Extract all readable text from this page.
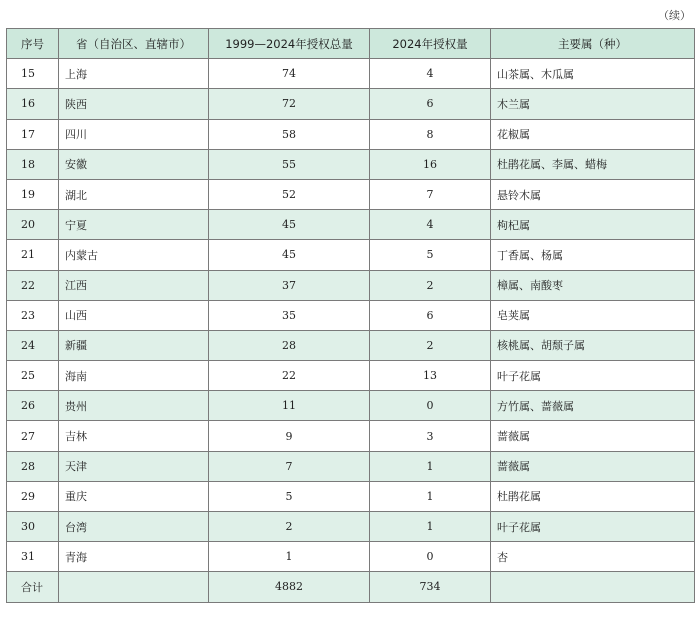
（续）
序号	省（自治区、直辖市）	1999—2024年授权总量	2024年授权量	主要属（种）
15	上海	74	4	山茶属、木瓜属
16	陕西	72	6	木兰属
17	四川	58	8	花椒属
18	安徽	55	16	杜鹃花属、李属、蜡梅
19	湖北	52	7	悬铃木属
20	宁夏	45	4	枸杞属
21	内蒙古	45	5	丁香属、杨属
22	江西	37	2	樟属、南酸枣
23	山西	35	6	皂荚属
24	新疆	28	2	核桃属、胡颓子属
25	海南	22	13	叶子花属
26	贵州	11	0	方竹属、蔷薇属
27	吉林	9	3	蔷薇属
28	天津	7	1	蔷薇属
29	重庆	5	1	杜鹃花属
30	台湾	2	1	叶子花属
31	青海	1	0	杏
合计		4882	734	
